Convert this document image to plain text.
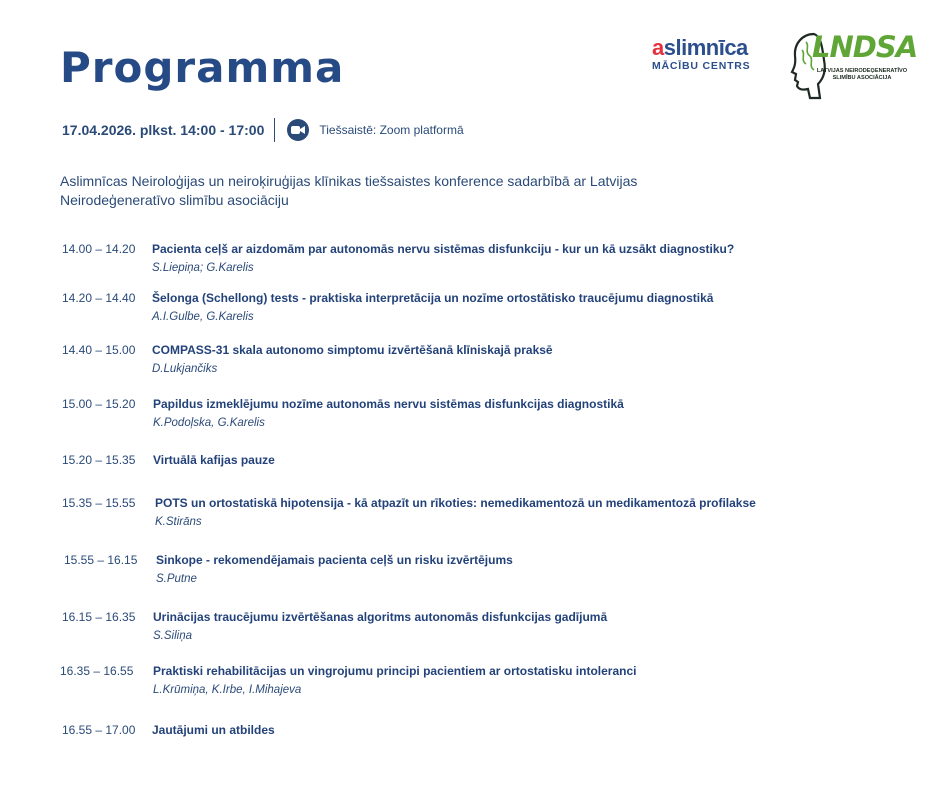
Programma	aslimnīca
MĀCĪBU CENTRS
LNDSA
LATVIJAS NEIRODEĢENERATĪVO SLIMĪBU ASOCIĀCIJA
17.04.2026. plkst. 14:00 - 17:00	Tiešsaistē: Zoom platformā

Aslimnīcas Neiroloģijas un neiroķiruģijas klīnikas tiešsaistes konference sadarbībā ar Latvijas Neirodeģeneratīvo slimību asociāciju

14.00 – 14.20 Pacienta ceļš ar aizdomām par autonomās nervu sistēmas disfunkciju - kur un kā uzsākt diagnostiku?
S.Liepiņa; G.Karelis
14.20 – 14.40 Šelonga (Schellong) tests - praktiska interpretācija un nozīme ortostātisko traucējumu diagnostikā
A.I.Gulbe, G.Karelis
14.40 – 15.00 COMPASS-31 skala autonomo simptomu izvērtēšanā klīniskajā praksē
D.Lukjančiks
15.00 – 15.20 Papildus izmeklējumu nozīme autonomās nervu sistēmas disfunkcijas diagnostikā
K.Podoļska, G.Karelis
15.20 – 15.35 Virtuālā kafijas pauze
15.35 – 15.55 POTS un ortostatiskā hipotensija - kā atpazīt un rīkoties: nemedikamentozā un medikamentozā profilakse
K.Stirāns
15.55 – 16.15 Sinkope - rekomendējamais pacienta ceļš un risku izvērtējums
S.Putne
16.15 – 16.35 Urinācijas traucējumu izvērtēšanas algoritms autonomās disfunkcijas gadījumā
S.Siliņa
16.35 – 16.55 Praktiski rehabilitācijas un vingrojumu principi pacientiem ar ortostatisku intoleranci
L.Krūmiņa, K.Irbe, I.Mihajeva
16.55 – 17.00 Jautājumi un atbildes
